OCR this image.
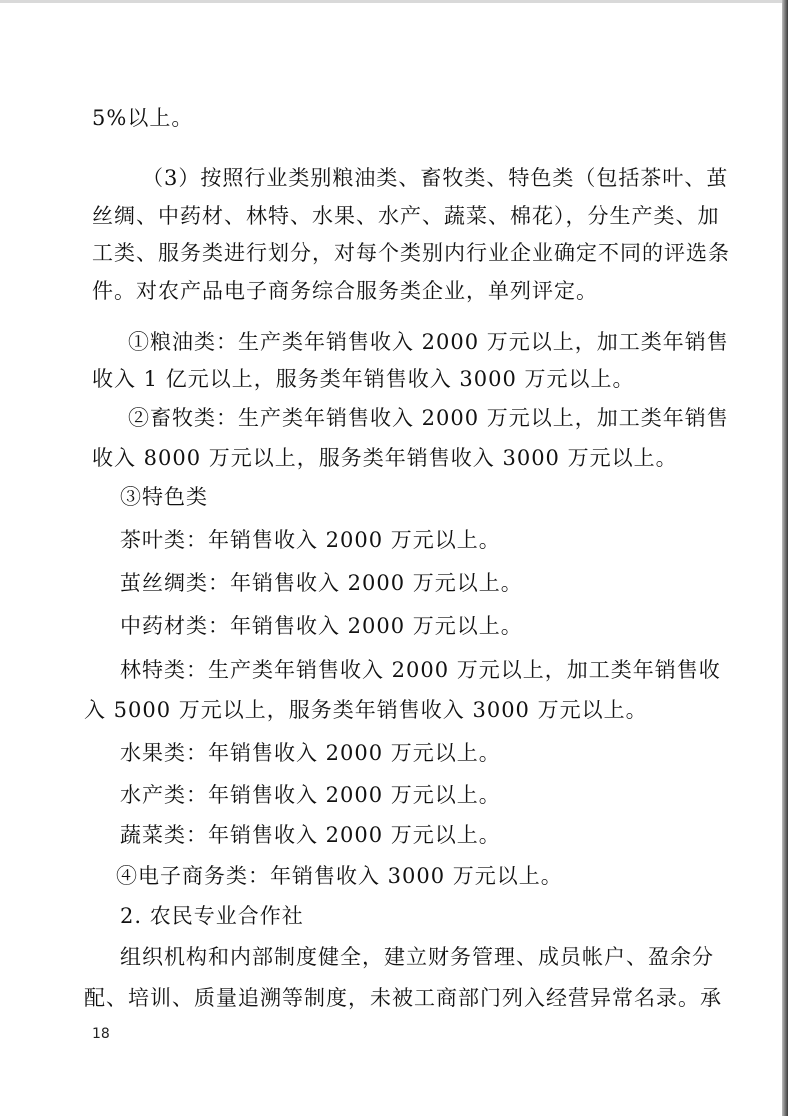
5%以上。
（3）按照行业类别粮油类、畜牧类、特色类（包括茶叶、茧
丝绸、中药材、林特、水果、水产、蔬菜、棉花），分生产类、加
工类、服务类进行划分，对每个类别内行业企业确定不同的评选条
件。对农产品电子商务综合服务类企业，单列评定。
①粮油类：生产类年销售收入 2000 万元以上，加工类年销售
收入 1 亿元以上，服务类年销售收入 3000 万元以上。
②畜牧类：生产类年销售收入 2000 万元以上，加工类年销售
收入 8000 万元以上，服务类年销售收入 3000 万元以上。
③特色类
茶叶类：年销售收入 2000 万元以上。
茧丝绸类：年销售收入 2000 万元以上。
中药材类：年销售收入 2000 万元以上。
林特类：生产类年销售收入 2000 万元以上，加工类年销售收
入 5000 万元以上，服务类年销售收入 3000 万元以上。
水果类：年销售收入 2000 万元以上。
水产类：年销售收入 2000 万元以上。
蔬菜类：年销售收入 2000 万元以上。
④电子商务类：年销售收入 3000 万元以上。
2. 农民专业合作社
组织机构和内部制度健全，建立财务管理、成员帐户、盈余分
配、培训、质量追溯等制度，未被工商部门列入经营异常名录。承
18
